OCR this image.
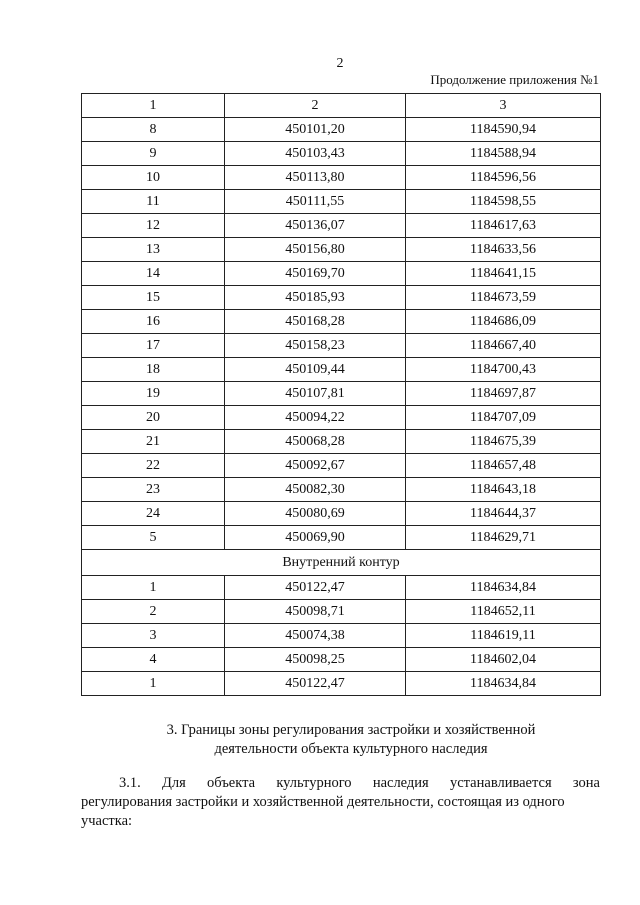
2
Продолжение приложения №1
1	2	3
8	450101,20	1184590,94
9	450103,43	1184588,94
10	450113,80	1184596,56
11	450111,55	1184598,55
12	450136,07	1184617,63
13	450156,80	1184633,56
14	450169,70	1184641,15
15	450185,93	1184673,59
16	450168,28	1184686,09
17	450158,23	1184667,40
18	450109,44	1184700,43
19	450107,81	1184697,87
20	450094,22	1184707,09
21	450068,28	1184675,39
22	450092,67	1184657,48
23	450082,30	1184643,18
24	450080,69	1184644,37
5	450069,90	1184629,71
Внутренний контур		
1	450122,47	1184634,84
2	450098,71	1184652,11
3	450074,38	1184619,11
4	450098,25	1184602,04
1	450122,47	1184634,84
3. Границы зоны регулирования застройки и хозяйственной
деятельности объекта культурного наследия
3.1. Для объекта культурного наследия устанавливается зона
регулирования застройки и хозяйственной деятельности, состоящая из одного
участка:
